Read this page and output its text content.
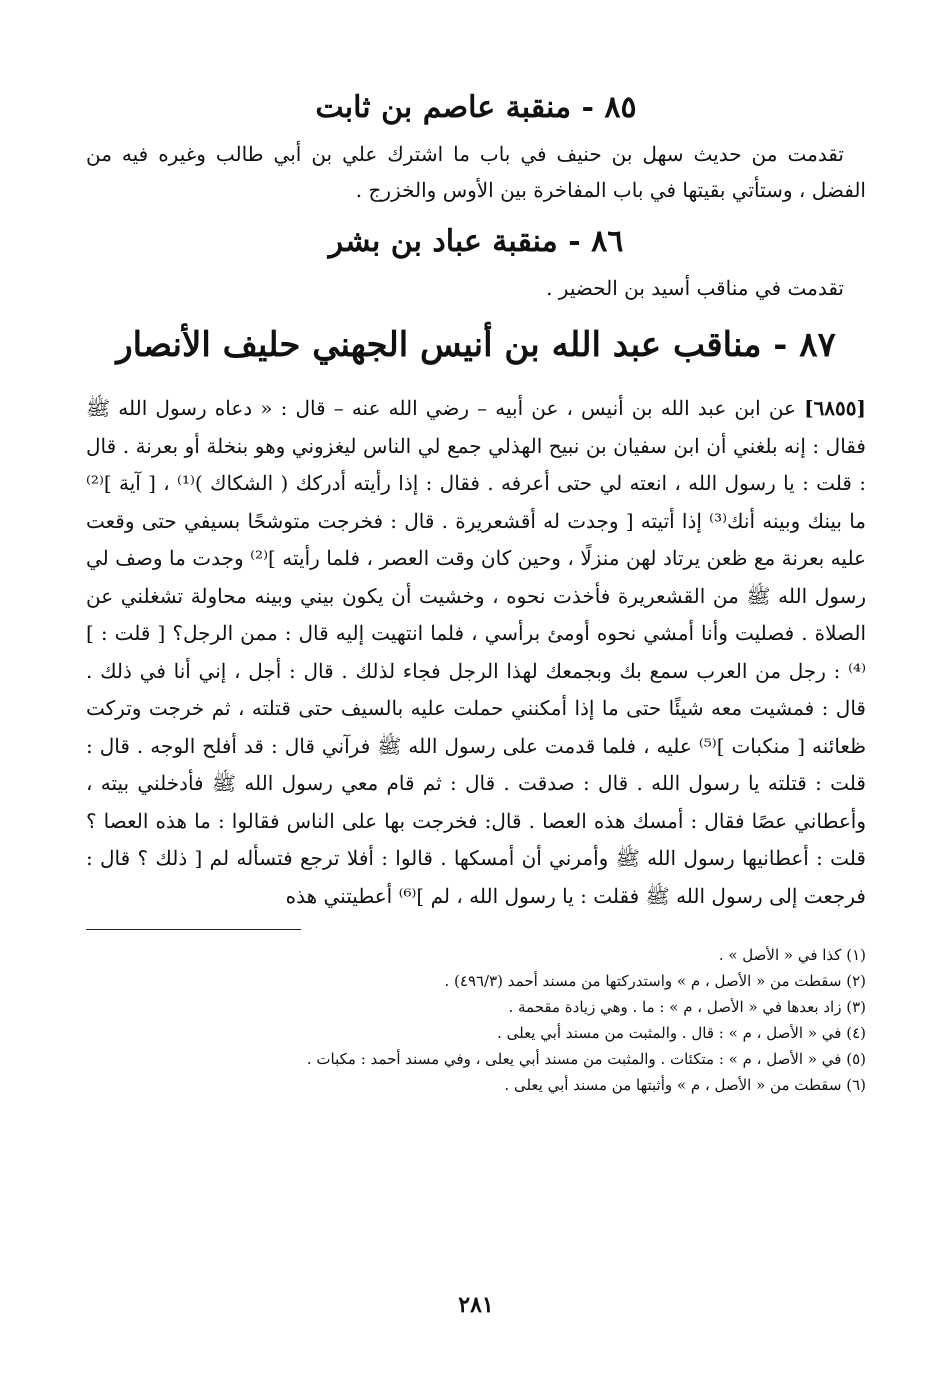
٨٥ - منقبة عاصم بن ثابت

تقدمت من حديث سهل بن حنيف في باب ما اشترك علي بن أبي طالب وغيره فيه من الفضل ، وستأتي بقيتها في باب المفاخرة بين الأوس والخزرج .

٨٦ - منقبة عباد بن بشر

تقدمت في مناقب أسيد بن الحضير .

٨٧ - مناقب عبد الله بن أنيس الجهني حليف الأنصار

[٦٨٥٥] عن ابن عبد الله بن أنيس ، عن أبيه – رضي الله عنه – قال : « دعاه رسول الله ﷺ فقال : إنه بلغني أن ابن سفيان بن نبيح الهذلي جمع لي الناس ليغزوني وهو بنخلة أو بعرنة . قال : قلت : يا رسول الله ، انعته لي حتى أعرفه . فقال : إذا رأيته أدركك ( الشكاك )⁽¹⁾ ، [ آية ]⁽²⁾ ما بينك وبينه أنك⁽³⁾ إذا أتيته [ وجدت له أقشعريرة . قال : فخرجت متوشحًا بسيفي حتى وقعت عليه بعرنة مع ظعن يرتاد لهن منزلًا ، وحين كان وقت العصر ، فلما رأيته ]⁽²⁾ وجدت ما وصف لي رسول الله ﷺ من القشعريرة فأخذت نحوه ، وخشيت أن يكون بيني وبينه محاولة تشغلني عن الصلاة . فصليت وأنا أمشي نحوه أومئ برأسي ، فلما انتهيت إليه قال : ممن الرجل؟ [ قلت : ]⁽⁴⁾ : رجل من العرب سمع بك وبجمعك لهذا الرجل فجاء لذلك . قال : أجل ، إني أنا في ذلك . قال : فمشيت معه شيئًا حتى ما إذا أمكنني حملت عليه بالسيف حتى قتلته ، ثم خرجت وتركت ظعائنه [ منكبات ]⁽⁵⁾ عليه ، فلما قدمت على رسول الله ﷺ فرآني قال : قد أفلح الوجه . قال : قلت : قتلته يا رسول الله . قال : صدقت . قال : ثم قام معي رسول الله ﷺ فأدخلني بيته ، وأعطاني عصًا فقال : أمسك هذه العصا . قال: فخرجت بها على الناس فقالوا : ما هذه العصا ؟ قلت : أعطانيها رسول الله ﷺ وأمرني أن أمسكها . قالوا : أفلا ترجع فتسأله لم [ ذلك ؟ قال : فرجعت إلى رسول الله ﷺ فقلت : يا رسول الله ، لم ]⁽⁶⁾ أعطيتني هذه

(١) كذا في « الأصل » .

(٢) سقطت من « الأصل ، م » واستدركتها من مسند أحمد (٤٩٦/٣) .

(٣) زاد بعدها في « الأصل ، م » : ما . وهي زيادة مقحمة .

(٤) في « الأصل ، م » : قال . والمثبت من مسند أبي يعلى .

(٥) في « الأصل ، م » : متكئات . والمثبت من مسند أبي يعلى ، وفي مسند أحمد : مكبات .

(٦) سقطت من « الأصل ، م » وأثبتها من مسند أبي يعلى .

٢٨١
